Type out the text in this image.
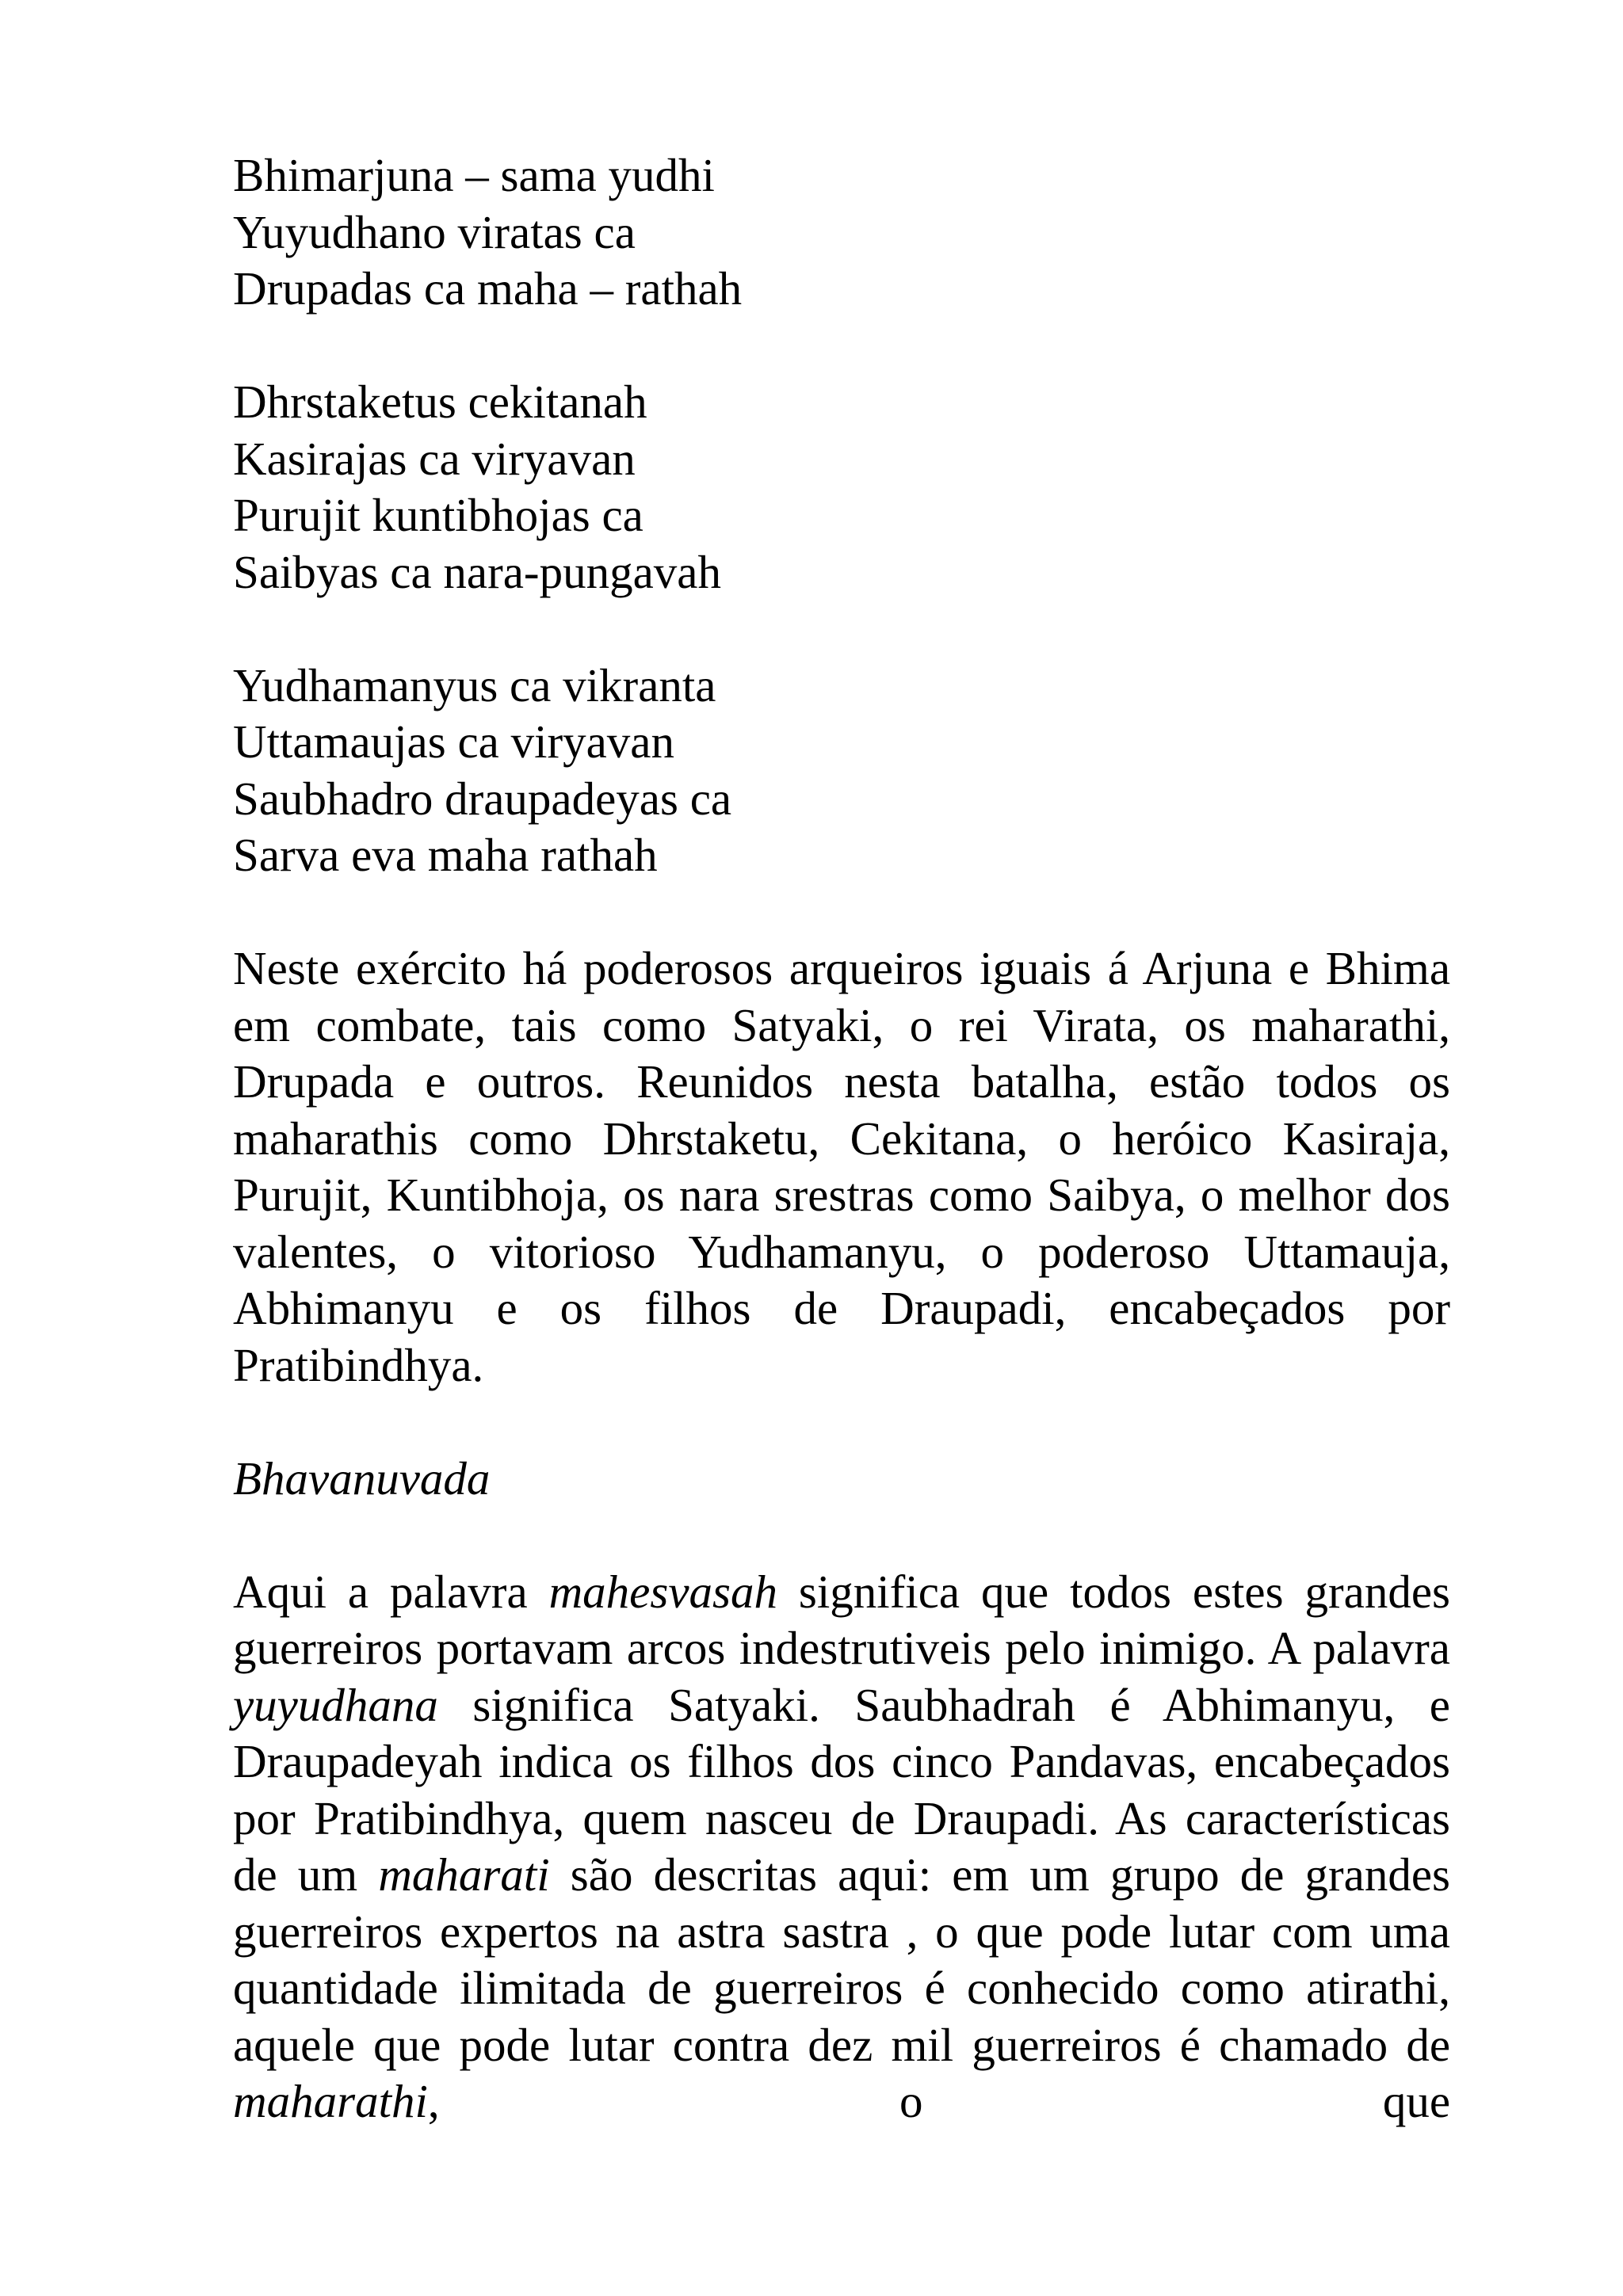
Bhimarjuna – sama yudhi
Yuyudhano viratas ca
Drupadas ca maha – rathah
Dhrstaketus cekitanah
Kasirajas ca viryavan
Purujit kuntibhojas ca
Saibyas ca nara-pungavah
Yudhamanyus ca vikranta
Uttamaujas ca viryavan
Saubhadro draupadeyas ca
Sarva eva maha rathah

Neste exército há poderosos arqueiros iguais á Arjuna e Bhima em combate, tais como Satyaki, o rei Virata, os maharathi, Drupada e outros. Reunidos nesta batalha, estão todos os maharathis como Dhrstaketu, Cekitana, o heróico Kasiraja, Purujit, Kuntibhoja, os nara srestras como Saibya, o melhor dos valentes, o vitorioso Yudhamanyu, o poderoso Uttamauja, Abhimanyu e os filhos de Draupadi, encabeçados por Pratibindhya.

Bhavanuvada

Aqui a palavra mahesvasah significa que todos estes grandes guerreiros portavam arcos indestrutiveis pelo inimigo. A palavra yuyudhana significa Satyaki. Saubhadrah é Abhimanyu, e Draupadeyah indica os filhos dos cinco Pandavas, encabeçados por Pratibindhya, quem nasceu de Draupadi. As características de um maharati são descritas aqui: em um grupo de grandes guerreiros expertos na astra sastra , o que pode lutar com uma quantidade ilimitada de guerreiros é conhecido como atirathi, aquele que pode lutar contra dez mil guerreiros é chamado de maharathi, o que
